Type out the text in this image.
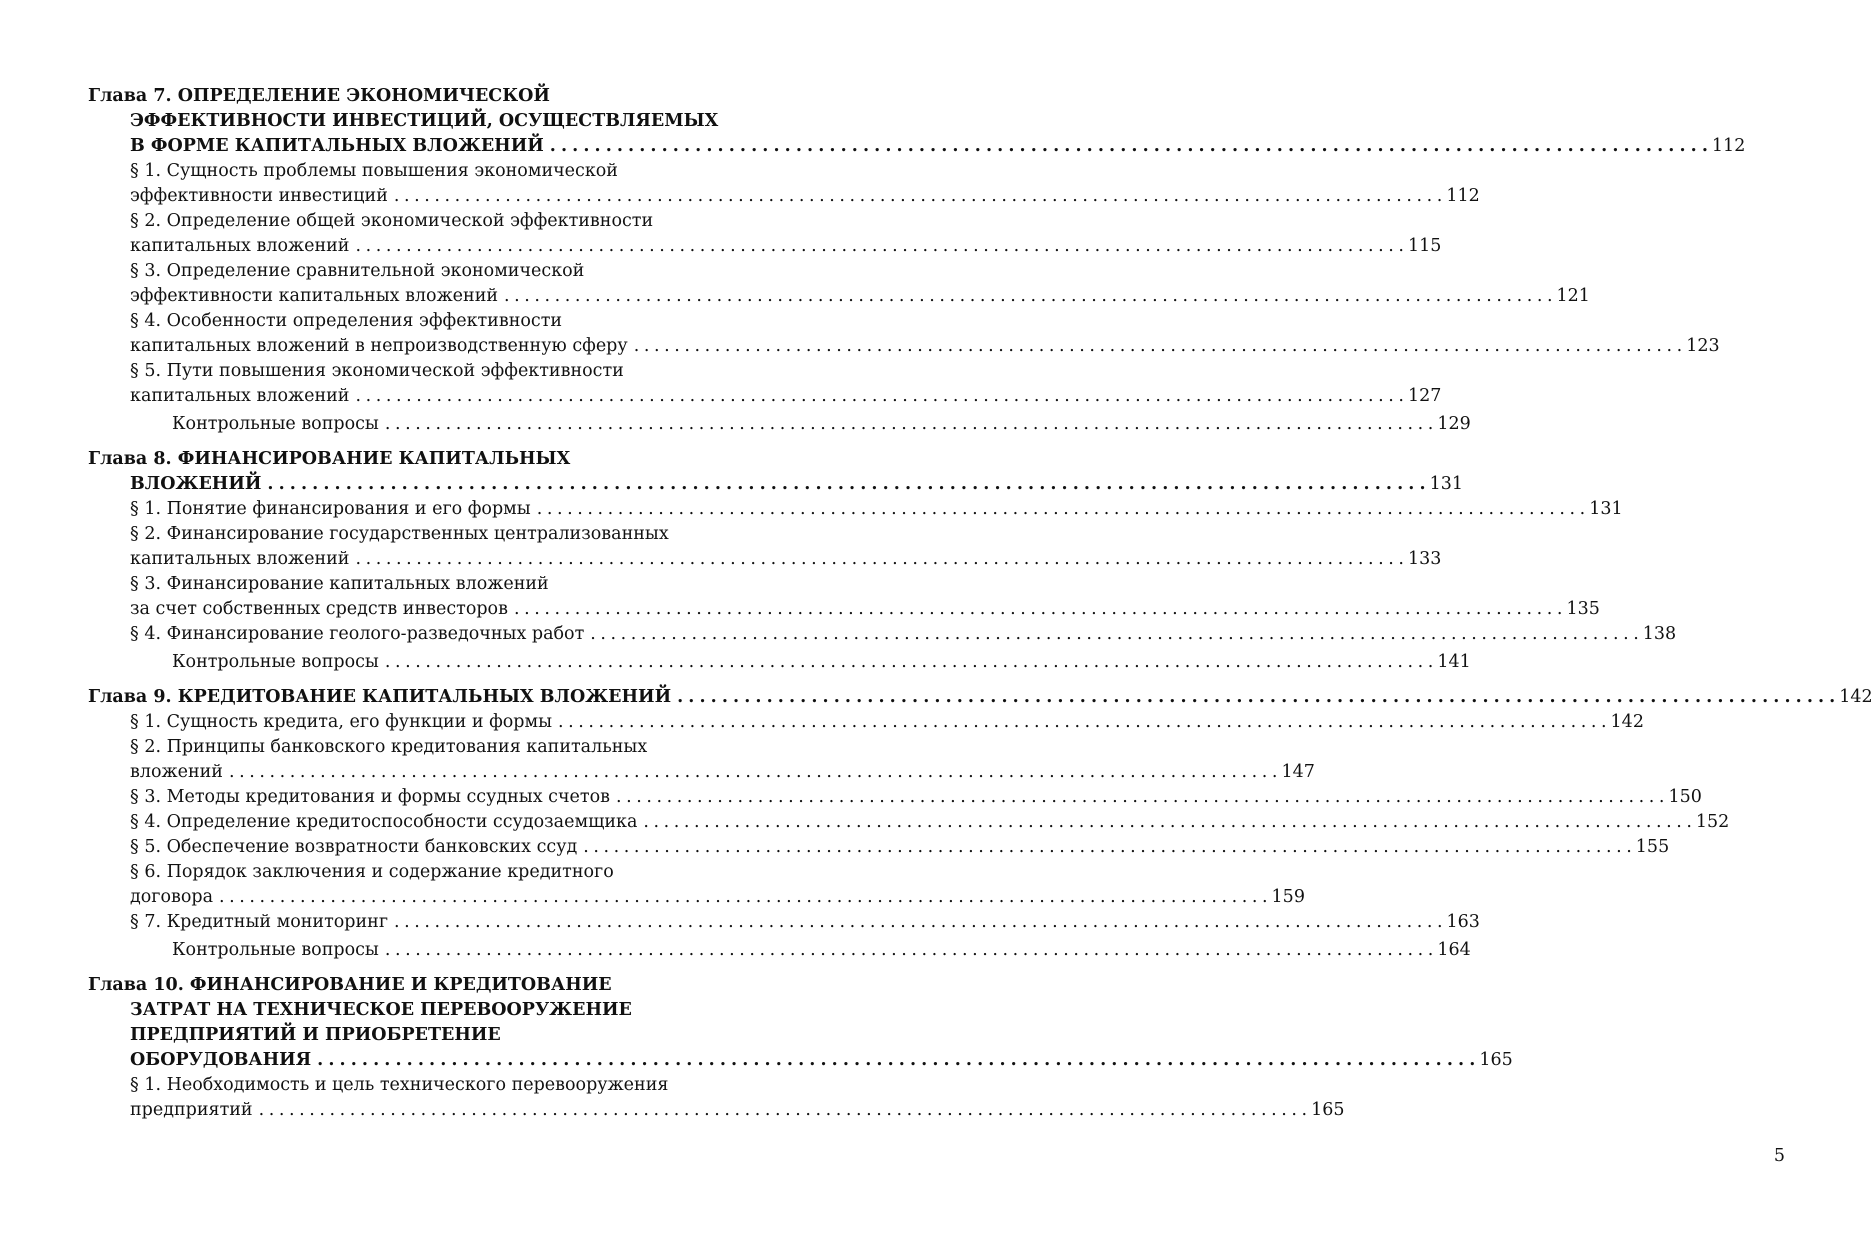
Глава 7. ОПРЕДЕЛЕНИЕ ЭКОНОМИЧЕСКОЙ
ЭФФЕКТИВНОСТИ ИНВЕСТИЦИЙ, ОСУЩЕСТВЛЯЕМЫХ
В ФОРМЕ КАПИТАЛЬНЫХ ВЛОЖЕНИЙ . . .	112
§ 1. Сущность проблемы повышения экономической
эффективности инвестиций . . .	112
§ 2. Определение общей экономической эффективности
капитальных вложений . . .	115
§ 3. Определение сравнительной экономической
эффективности капитальных вложений . . .	121
§ 4. Особенности определения эффективности
капитальных вложений в непроизводственную сферу . . .	123
§ 5. Пути повышения экономической эффективности
капитальных вложений . . .	127
Контрольные вопросы . . .	129
Глава 8. ФИНАНСИРОВАНИЕ КАПИТАЛЬНЫХ
ВЛОЖЕНИЙ . . .	131
§ 1. Понятие финансирования и его формы . . .	131
§ 2. Финансирование государственных централизованных
капитальных вложений . . .	133
§ 3. Финансирование капитальных вложений
за счет собственных средств инвесторов . . .	135
§ 4. Финансирование геолого-разведочных работ . . .	138
Контрольные вопросы . . .	141
Глава 9. КРЕДИТОВАНИЕ КАПИТАЛЬНЫХ ВЛОЖЕНИЙ . . .	142
§ 1. Сущность кредита, его функции и формы . . .	142
§ 2. Принципы банковского кредитования капитальных
вложений . . .	147
§ 3. Методы кредитования и формы ссудных счетов . . .	150
§ 4. Определение кредитоспособности ссудозаемщика . . .	152
§ 5. Обеспечение возвратности банковских ссуд . . .	155
§ 6. Порядок заключения и содержание кредитного
договора . . .	159
§ 7. Кредитный мониторинг . . .	163
Контрольные вопросы . . .	164
Глава 10. ФИНАНСИРОВАНИЕ И КРЕДИТОВАНИЕ
ЗАТРАТ НА ТЕХНИЧЕСКОЕ ПЕРЕВООРУЖЕНИЕ
ПРЕДПРИЯТИЙ И ПРИОБРЕТЕНИЕ
ОБОРУДОВАНИЯ . . .	165
§ 1. Необходимость и цель технического перевооружения
предприятий . . .	165
5
